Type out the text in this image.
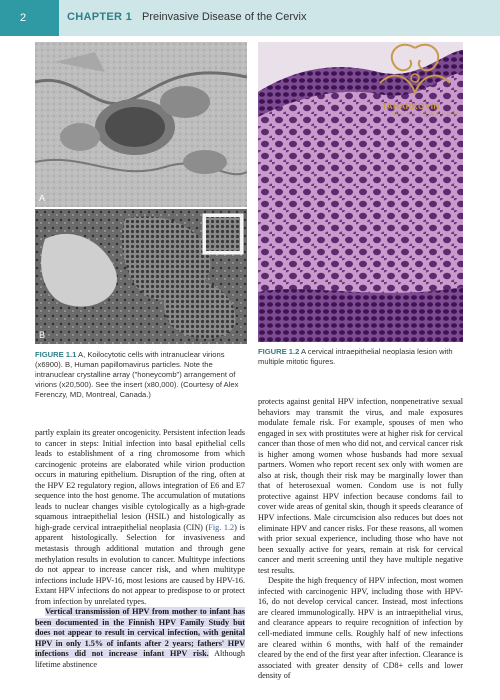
2	CHAPTER 1 Preinvasive Disease of the Cervix
A
B
TAHARKOVIN
PUBLICATION
FIGURE 1.1 A, Koilocytotic cells with intranuclear virions (x6900). B, Human papillomavirus particles. Note the intranuclear crystalline array ("honeycomb") arrangement of virions (x20,500). See the insert (x80,000). (Courtesy of Alex Ferenczy, MD, Montreal, Canada.)
FIGURE 1.2 A cervical intraepithelial neoplasia lesion with multiple mitotic figures.

partly explain its greater oncogenicity. Persistent infection leads to cancer in steps: Initial infection into basal epithelial cells leads to establishment of a ring chromosome from which carcinogenic proteins are elaborated while virion production occurs in maturing epithelium. Disruption of the ring, often at the HPV E2 regulatory region, allows integration of E6 and E7 sequence into the host genome. The accumulation of mutations leads to nuclear changes visible cytologically as a high-grade squamous intraepithelial lesion (HSIL) and histologically as high-grade cervical intraepithelial neoplasia (CIN) (Fig. 1.2) is apparent histologically. Selection for invasiveness and metastasis through additional mutation and through gene methylation results in evolution to cancer. Multitype infections do not appear to increase cancer risk, and when multitype infections include HPV-16, most lesions are caused by HPV-16. Extant HPV infections do not appear to predispose to or protect from infection by unrelated types.

Vertical transmission of HPV from mother to infant has been documented in the Finnish HPV Family Study but does not appear to result in cervical infection, with genital HPV in only 1.5% of infants after 2 years; fathers' HPV infections did not increase infant HPV risk. Although lifetime abstinence

protects against genital HPV infection, nonpenetrative sexual behaviors may transmit the virus, and male exposures modulate female risk. For example, spouses of men who engaged in sex with prostitutes were at higher risk for cervical cancer than those of men who did not, and cervical cancer risk is higher among women whose husbands had more sexual partners. Women who report recent sex only with women are also at risk, though their risk may be marginally lower than that of heterosexual women. Condom use is not fully protective against HPV infection because condoms fail to cover wide areas of genital skin, though it speeds clearance of HPV infections. Male circumcision also reduces but does not eliminate HPV and cancer risks. For these reasons, all women with prior sexual experience, including those who have not been sexually active for years, remain at risk for cervical cancer and merit screening until they have multiple negative test results.

Despite the high frequency of HPV infection, most women infected with carcinogenic HPV, including those with HPV-16, do not develop cervical cancer. Instead, most infections are cleared immunologically. HPV is an intraepithelial virus, and clearance appears to require recognition of infection by cell-mediated immune cells. Roughly half of new infections are cleared within 6 months, with half of the remainder cleared by the end of the first year after infection. Clearance is associated with greater density of CD8+ cells and lower density of
